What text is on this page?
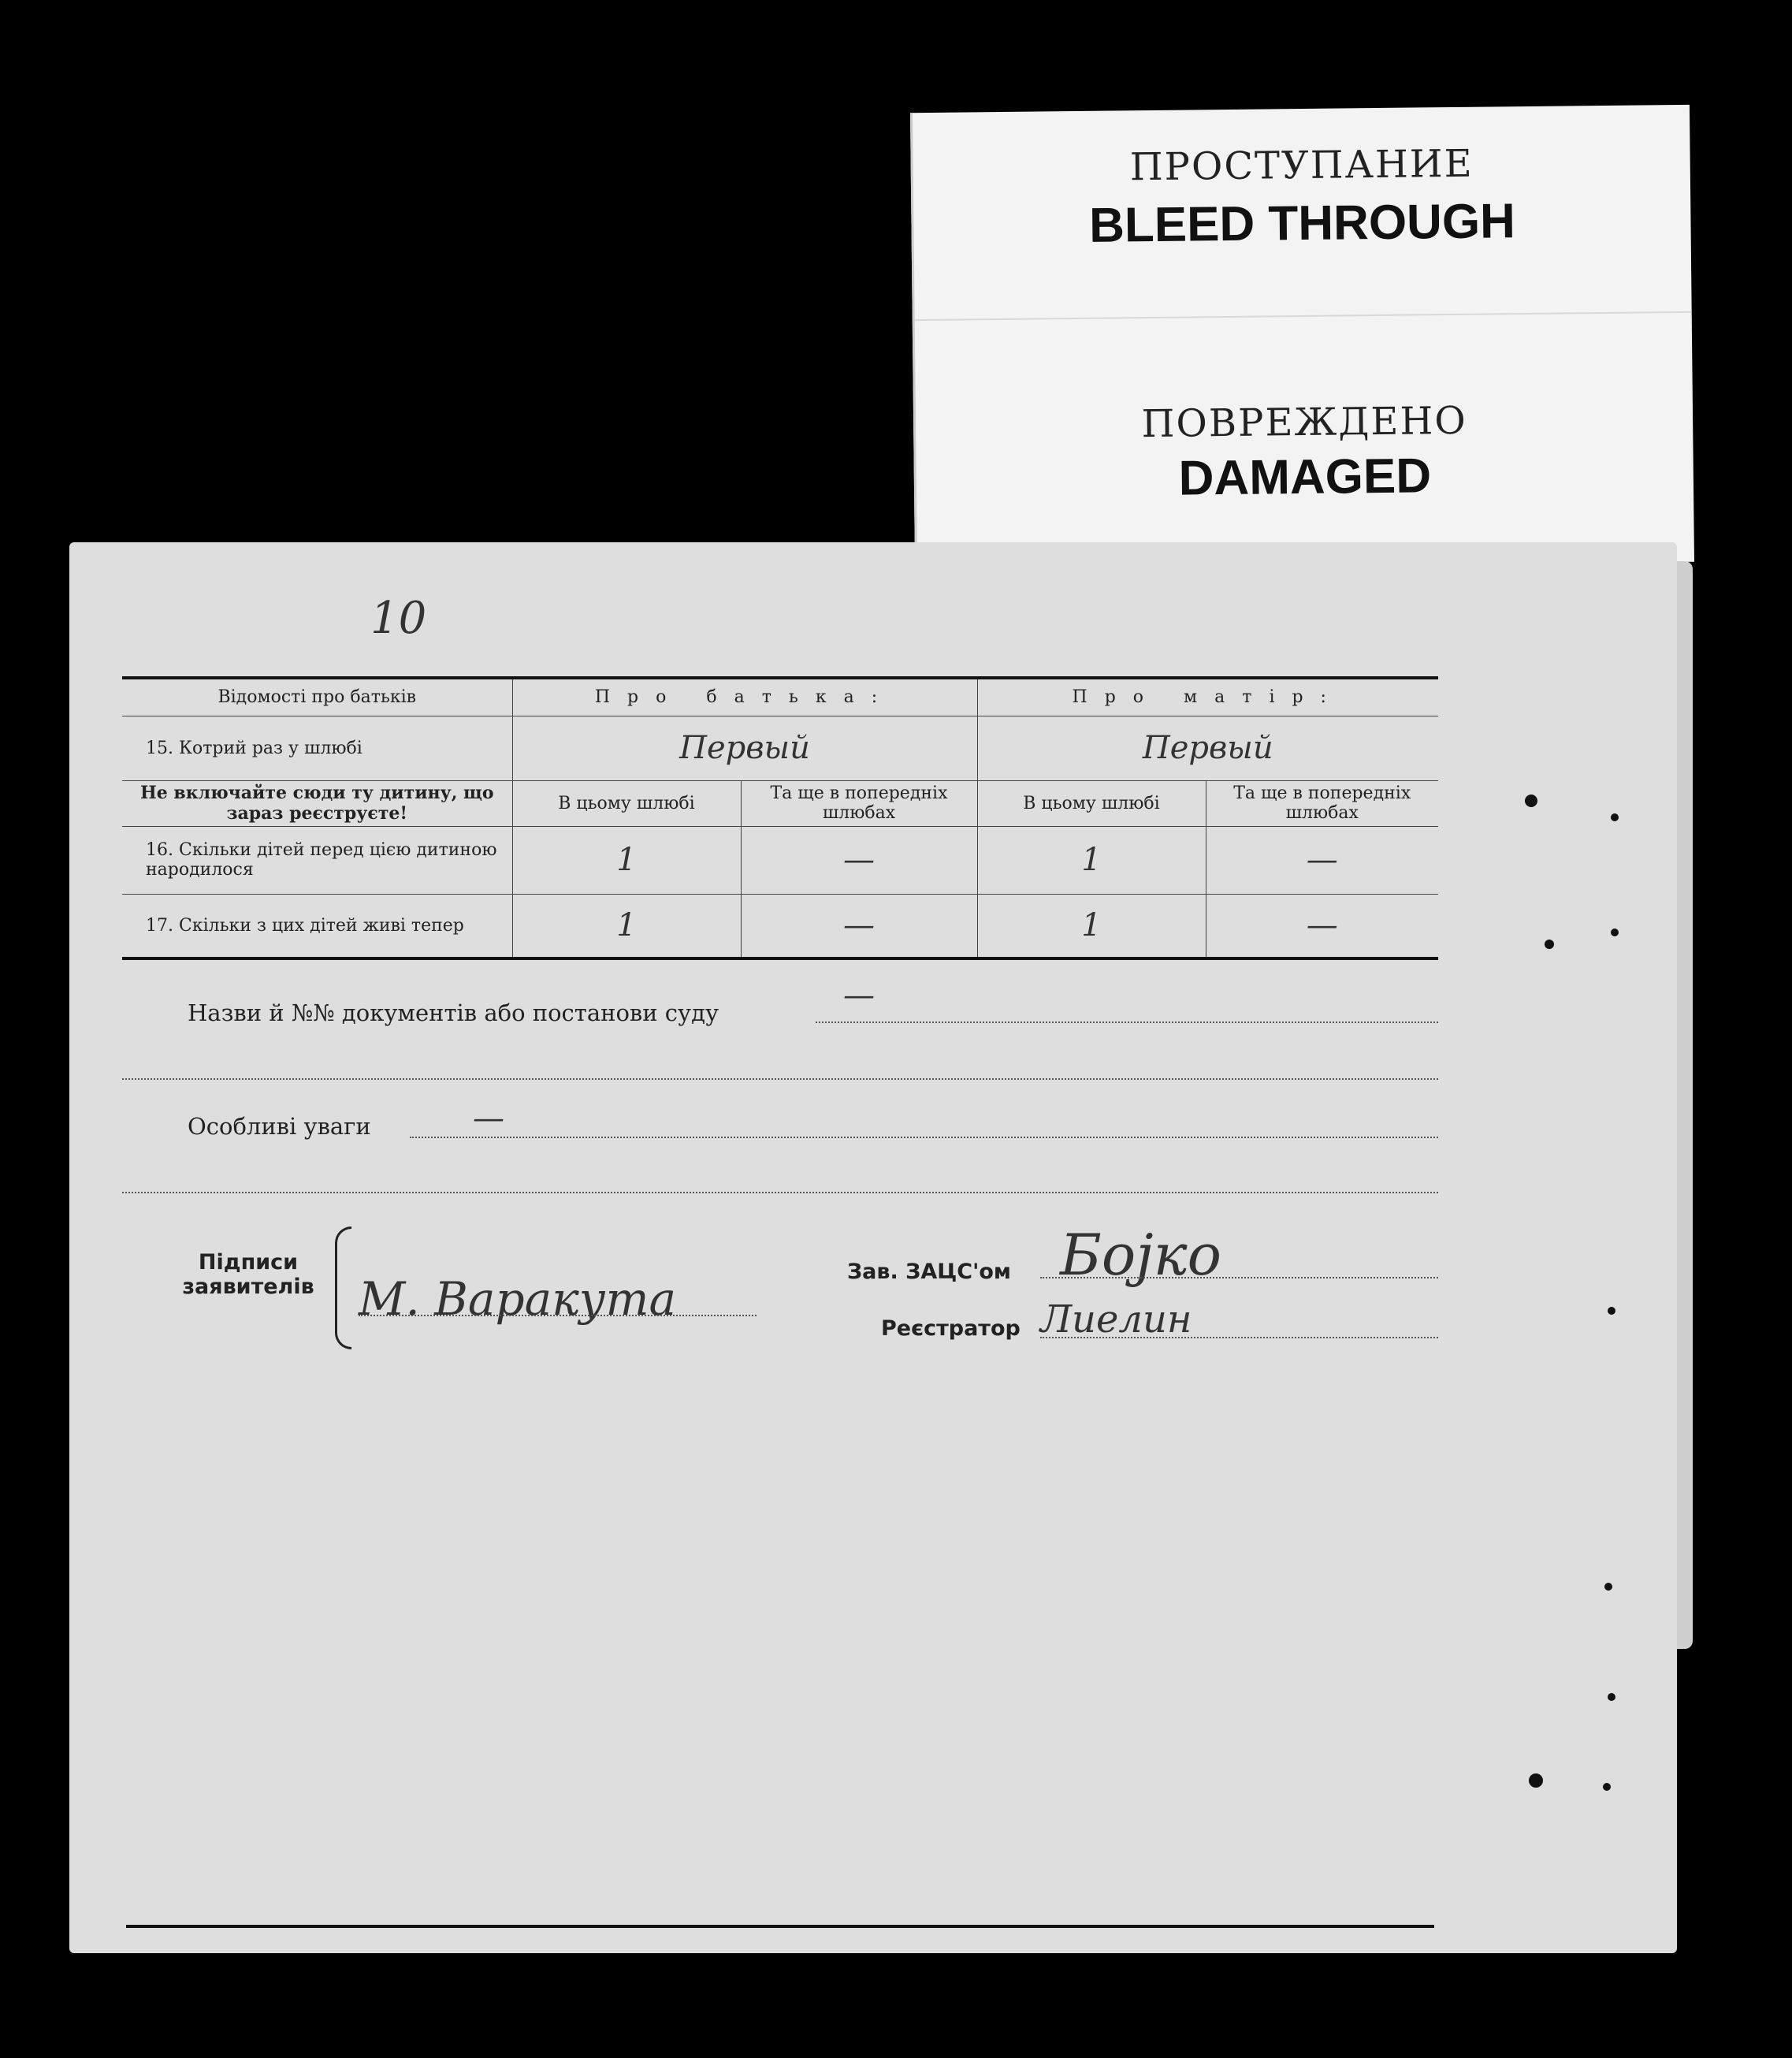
ПРОСТУПАНИЕ
BLEED THROUGH
ПОВРЕЖДЕНО
DAMAGED
10
Відомості про батьків	Про батька:		Про матір:	
15. Котрий раз у шлюбі	Первый		Первый	
Не включайте сюди ту дитину, що зараз реєструєте!	В цьому шлюбі	Та ще в попередніх шлюбах	В цьому шлюбі	Та ще в попередніх шлюбах
16. Скільки дітей перед цією дитиною народилося	1	—	1	—
17. Скільки з цих дітей живі тепер	1	—	1	—
Назви й №№ документів або постанови суду	—
Особливі уваги	—
Підписи заявителів М. Варакута
Зав. ЗАЦС'ом Бојко
Реєстратор Лиелин
